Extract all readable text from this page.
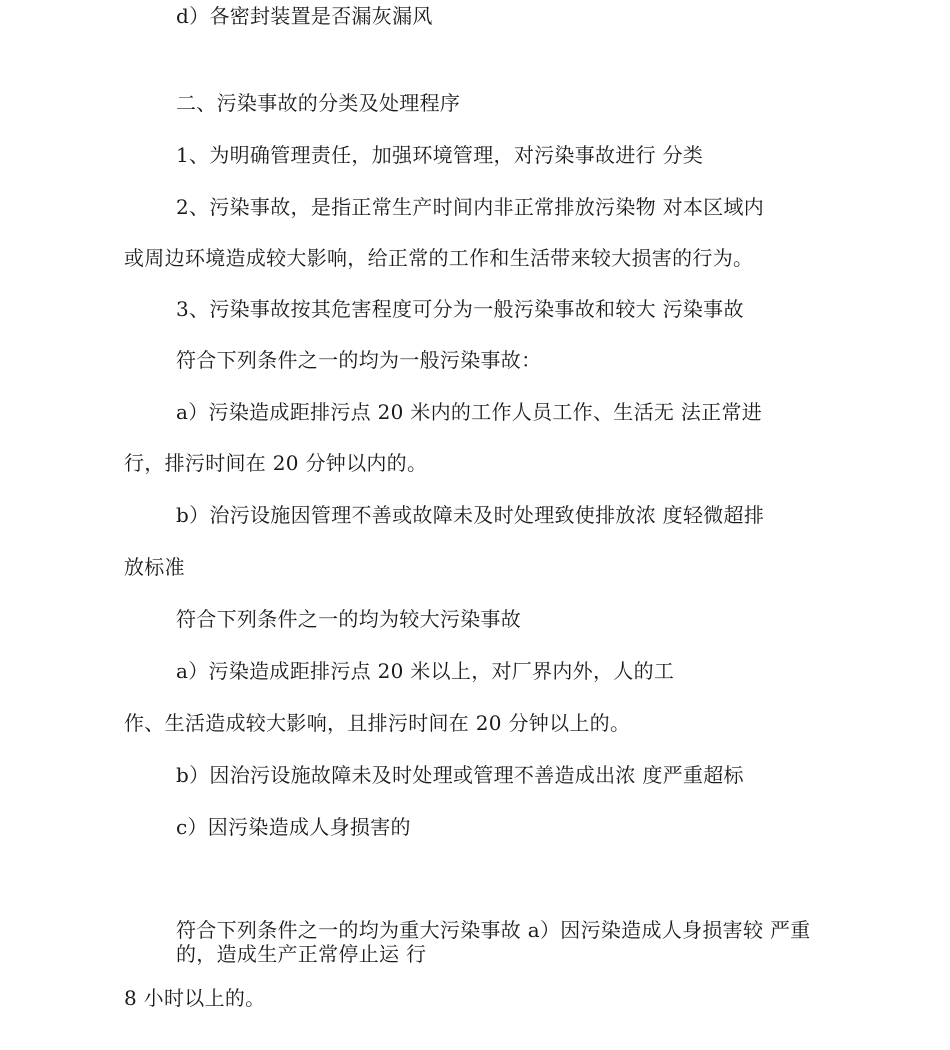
d）各密封装置是否漏灰漏风
二、污染事故的分类及处理程序
1、为明确管理责任，加强环境管理，对污染事故进行 分类
2、污染事故，是指正常生产时间内非正常排放污染物 对本区域内
或周边环境造成较大影响，给正常的工作和生活带来较大损害的行为。
3、污染事故按其危害程度可分为一般污染事故和较大 污染事故
符合下列条件之一的均为一般污染事故：
a）污染造成距排污点 20 米内的工作人员工作、生活无 法正常进
行，排污时间在 20 分钟以内的。
b）治污设施因管理不善或故障未及时处理致使排放浓 度轻微超排
放标准
符合下列条件之一的均为较大污染事故
a）污染造成距排污点 20 米以上，对厂界内外，人的工
作、生活造成较大影响，且排污时间在 20 分钟以上的。
b）因治污设施故障未及时处理或管理不善造成出浓 度严重超标
c）因污染造成人身损害的
符合下列条件之一的均为重大污染事故 a）因污染造成人身损害较 严重的，造成生产正常停止运 行
8 小时以上的。
